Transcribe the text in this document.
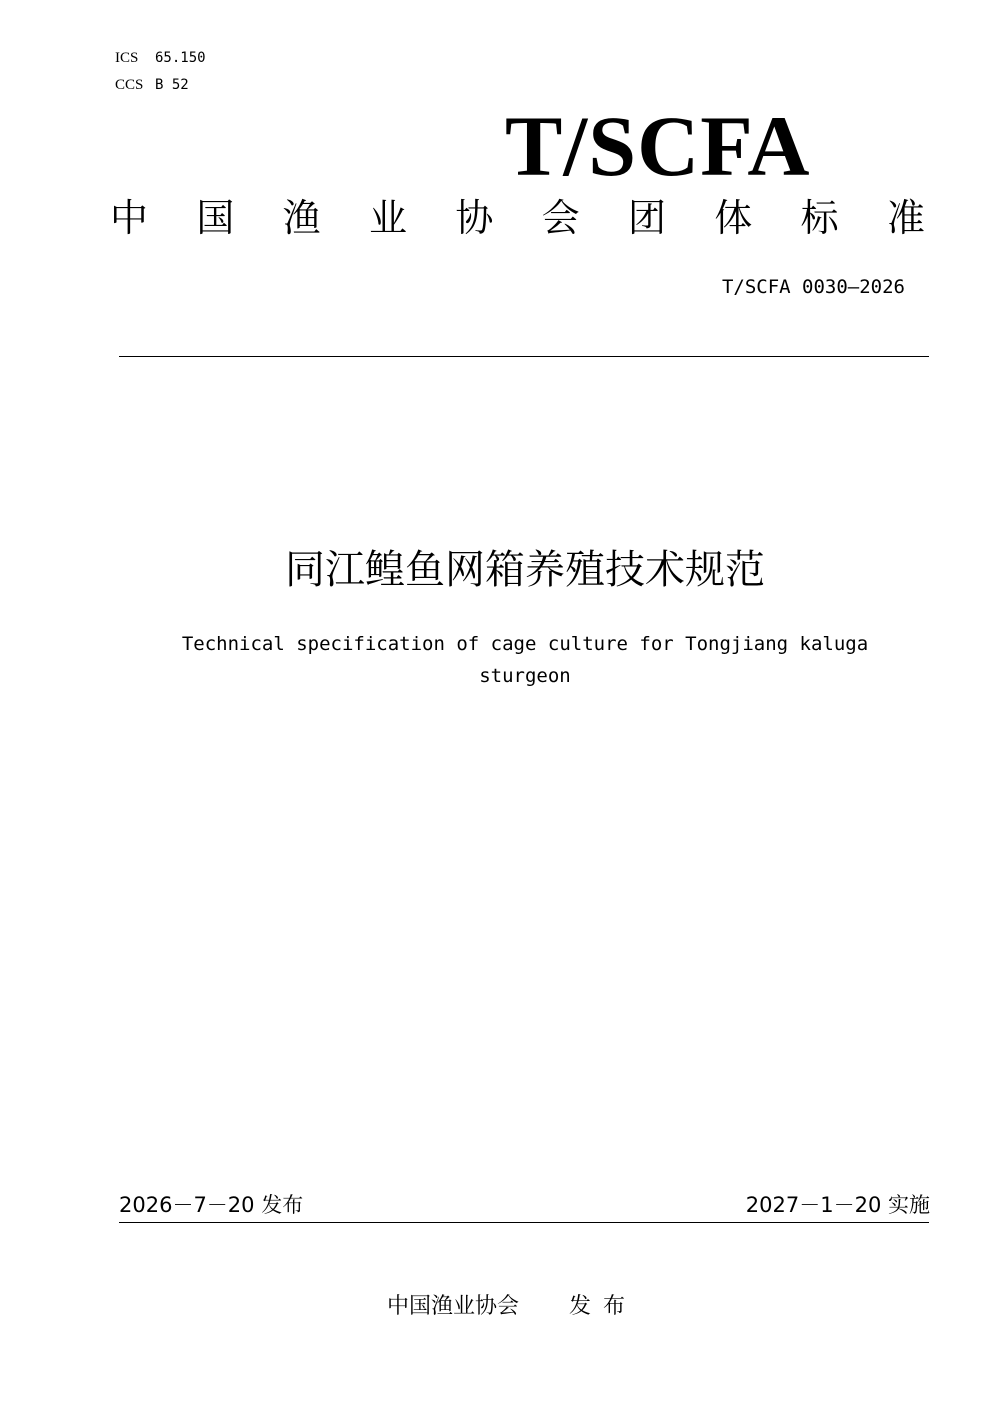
ICS 65.150
CCS B 52
T/SCFA
中 国 渔 业 协 会 团 体 标 准
T/SCFA 0030—2026
同江鳇鱼网箱养殖技术规范
Technical specification of cage culture for Tongjiang kaluga
sturgeon
2026－7－20 发布	2027－1－20 实施
中国渔业协会 发布
